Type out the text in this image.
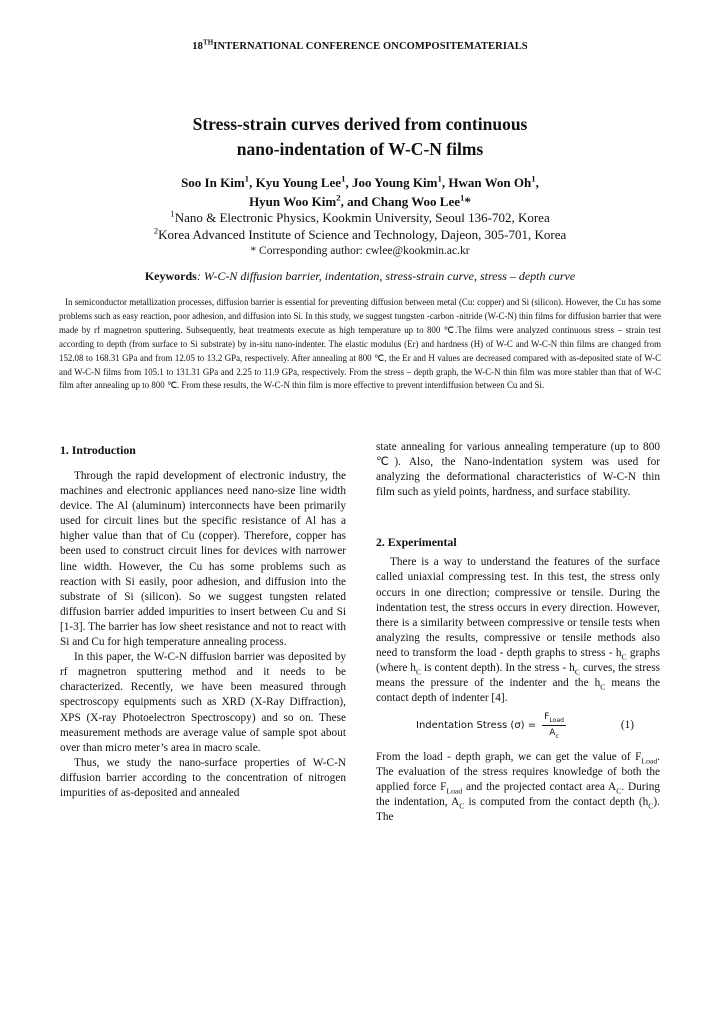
18THINTERNATIONAL CONFERENCE ONCOMPOSITEMATERIALS
Stress-strain curves derived from continuous
nano-indentation of W-C-N films
Soo In Kim$^1$, Kyu Young Lee$^1$, Joo Young Kim$^1$, Hwan Won Oh$^1$,
Hyun Woo Kim$^2$, and Chang Woo Lee$^1$*
$^1$Nano & Electronic Physics, Kookmin University, Seoul 136-702, Korea
$^2$Korea Advanced Institute of Science and Technology, Dajeon, 305-701, Korea
* Corresponding author: cwlee@kookmin.ac.kr
Keywords: W-C-N diffusion barrier, indentation, stress-strain curve, stress – depth curve
In semiconductor metallization processes, diffusion barrier is essential for preventing diffusion between metal (Cu: copper) and Si (silicon). However, the Cu has some problems such as easy reaction, poor adhesion, and diffusion into Si. In this study, we suggest tungsten -carbon -nitride (W-C-N) thin films for diffusion barrier that were made by rf magnetron sputtering. Subsequently, heat treatments execute as high temperature up to 800 ℃.The films were analyzed continuous stress – strain test according to depth (from surface to Si substrate) by in-situ nano-indenter. The elastic modulus (Er) and hardness (H) of W-C and W-C-N thin films are changed from 152.08 to 168.31 GPa and from 12.05 to 13.2 GPa, respectively. After annealing at 800 ℃, the Er and H values are decreased compared with as-deposited state of W-C and W-C-N films from 105.1 to 131.31 GPa and 2.25 to 11.9 GPa, respectively. From the stress – depth graph, the W-C-N thin film was more stabler than that of W-C film after annealing up to 800 ℃. From these results, the W-C-N thin film is more effective to prevent interdiffusion between Cu and Si.
1. Introduction

Through the rapid development of electronic industry, the machines and electronic appliances need nano-size line width device. The Al (aluminum) interconnects have been primarily used for circuit lines but the specific resistance of Al has a higher value than that of Cu (copper). Therefore, copper has been used to construct circuit lines for devices with narrower line width. However, the Cu has some problems such as reaction with Si easily, poor adhesion, and diffusion into the substrate of Si (silicon). So we suggest tungsten related diffusion barrier added impurities to insert between Cu and Si [1-3]. The barrier has low sheet resistance and not to react with Si and Cu for high temperature annealing process.

In this paper, the W-C-N diffusion barrier was deposited by rf magnetron sputtering method and it needs to be characterized. Recently, we have been measured through spectroscopy equipments such as XRD (X-Ray Diffraction), XPS (X-ray Photoelectron Spectroscopy) and so on. These measurement methods are average value of sample spot about over than micro meter’s area in macro scale.

Thus, we study the nano-surface properties of W-C-N diffusion barrier according to the concentration of nitrogen impurities of as-deposited and annealed

state annealing for various annealing temperature (up to 800 ℃). Also, the Nano-indentation system was used for analyzing the deformational characteristics of W-C-N thin film such as yield points, hardness, and surface stability.

2. Experimental

There is a way to understand the features of the surface called uniaxial compressing test. In this test, the stress only occurs in one direction; compressive or tensile. During the indentation test, the stress occurs in every direction. However, there is a similarity between compressive or tensile tests when analyzing the results, compressive or tensile methods also need to transform the load - depth graphs to stress - $h_C$ graphs (where $h_C$ is content depth). In the stress - $h_C$ curves, the stress means the pressure of the indenter and the $h_C$ means the contact depth of indenter [4].

Indentation Stress $(\sigma) = \frac{F_{Load}}{A_c}$	(1)

From the load - depth graph, we can get the value of $F_{Load}$. The evaluation of the stress requires knowledge of both the applied force $F_{Load}$ and the projected contact area $A_C$. During the indentation, $A_C$ is computed from the contact depth $(h_C)$. The
